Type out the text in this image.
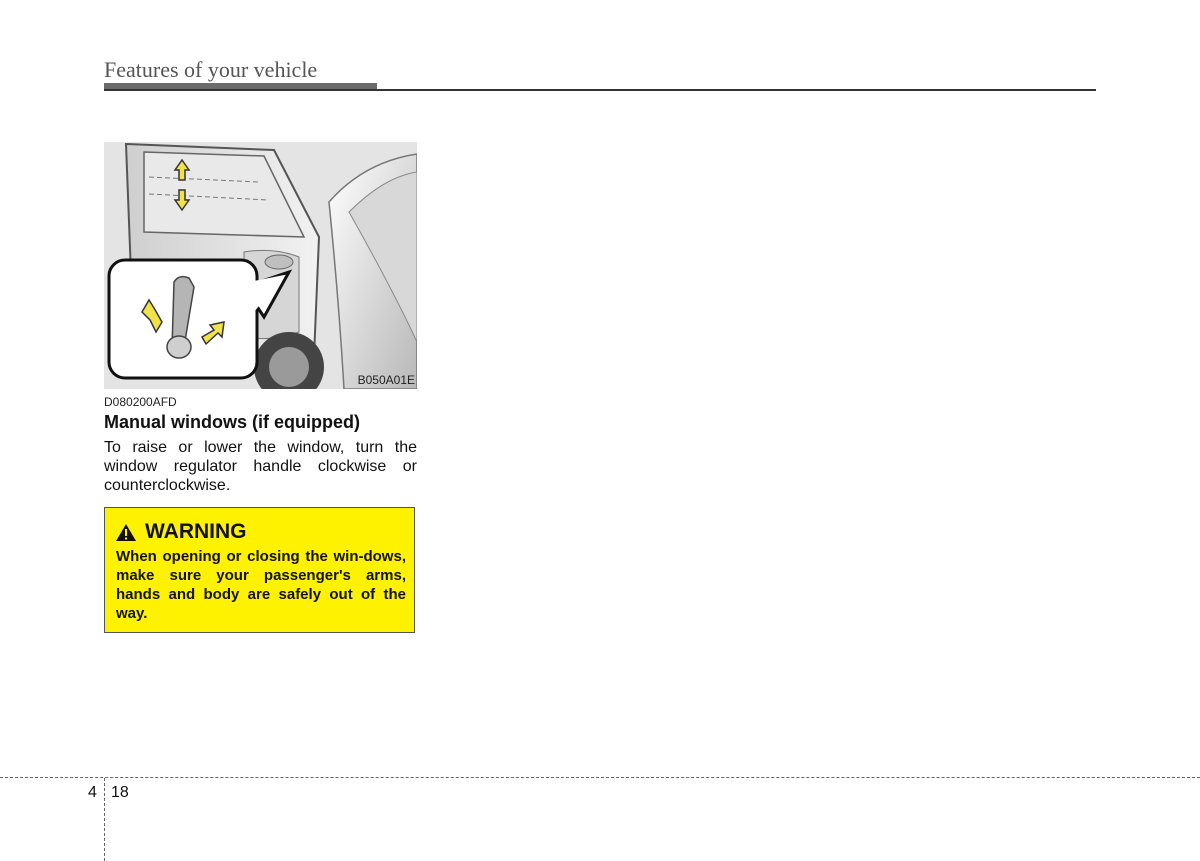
Features of your vehicle
B050A01E
D080200AFD
Manual windows (if equipped)

To raise or lower the window, turn the window regulator handle clockwise or counterclockwise.

WARNING

When opening or closing the win-dows, make sure your passenger's arms, hands and body are safely out of the way.

4 18
